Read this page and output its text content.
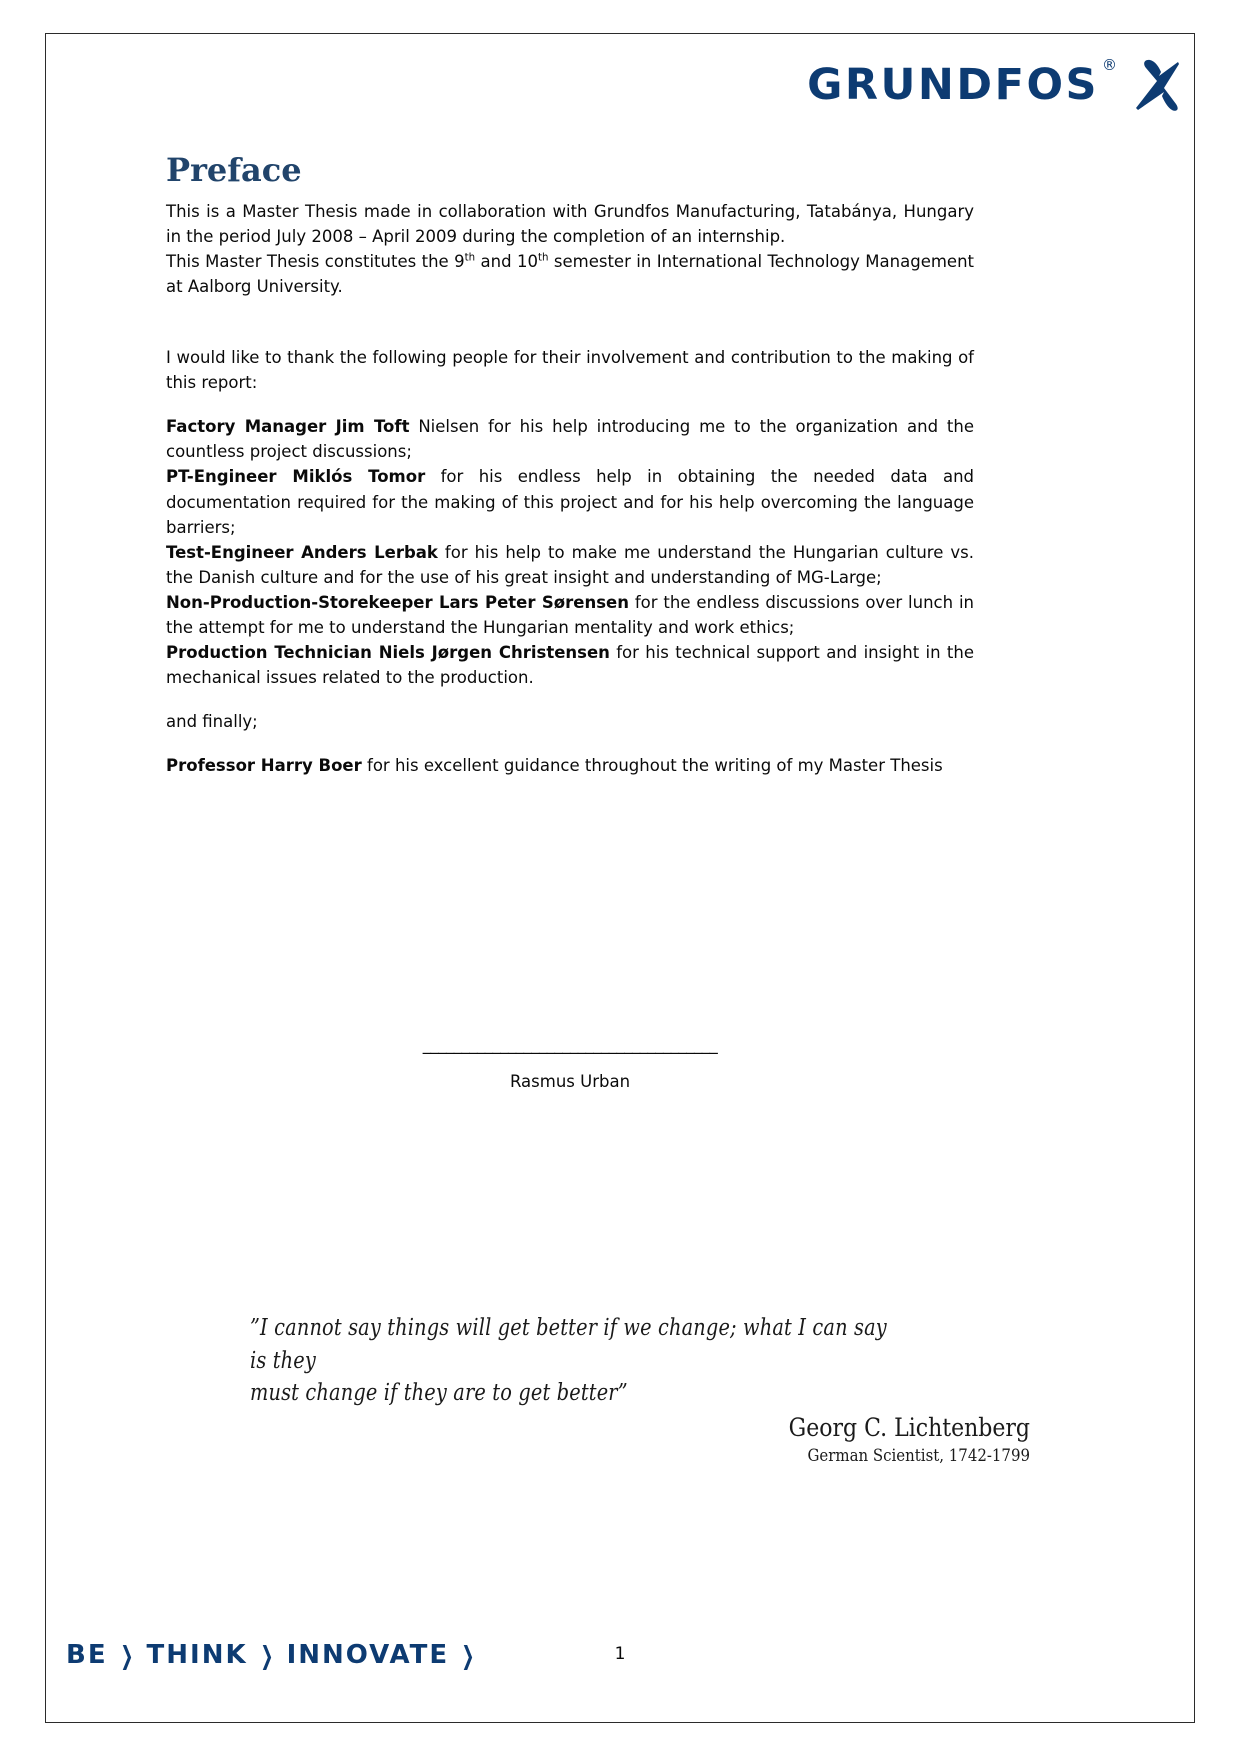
GRUNDFOS ®
Preface

This is a Master Thesis made in collaboration with Grundfos Manufacturing, Tatabánya, Hungary in the period July 2008 – April 2009 during the completion of an internship.

This Master Thesis constitutes the 9th and 10th semester in International Technology Management at Aalborg University.

I would like to thank the following people for their involvement and contribution to the making of this report:

Factory Manager Jim Toft Nielsen for his help introducing me to the organization and the countless project discussions;

PT-Engineer Miklós Tomor for his endless help in obtaining the needed data and documentation required for the making of this project and for his help overcoming the language barriers;

Test-Engineer Anders Lerbak for his help to make me understand the Hungarian culture vs. the Danish culture and for the use of his great insight and understanding of MG-Large;

Non-Production-Storekeeper Lars Peter Sørensen for the endless discussions over lunch in the attempt for me to understand the Hungarian mentality and work ethics;

Production Technician Niels Jørgen Christensen for his technical support and insight in the mechanical issues related to the production.

and finally;

Professor Harry Boer for his excellent guidance throughout the writing of my Master Thesis

______________________________________

Rasmus Urban

”I cannot say things will get better if we change; what I can say is they

must change if they are to get better”

Georg C. Lichtenberg

German Scientist, 1742-1799

BE ❯ THINK ❯ INNOVATE ❯	1
